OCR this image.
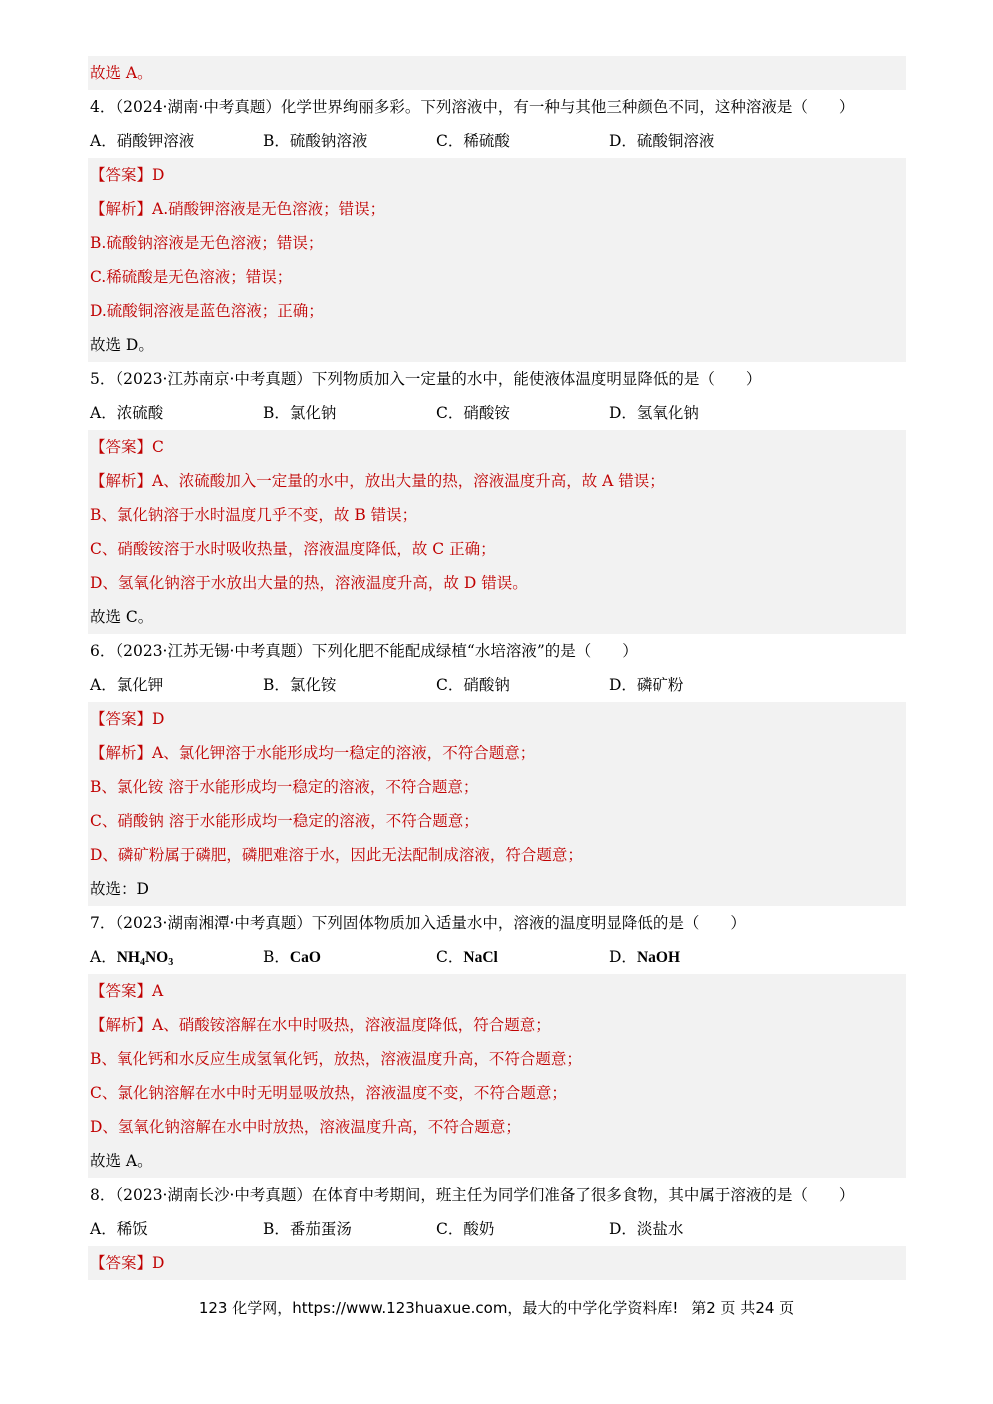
故选 A。
4．（2024·湖南·中考真题）化学世界绚丽多彩。下列溶液中，有一种与其他三种颜色不同，这种溶液是（　　）
A．硝酸钾溶液	B．硫酸钠溶液	C．稀硫酸	D．硫酸铜溶液
【答案】D
【解析】A.硝酸钾溶液是无色溶液；错误；
B.硫酸钠溶液是无色溶液；错误；
C.稀硫酸是无色溶液；错误；
D.硫酸铜溶液是蓝色溶液；正确；
故选 D。
5．（2023·江苏南京·中考真题）下列物质加入一定量的水中，能使液体温度明显降低的是（　　）
A．浓硫酸	B．氯化钠	C．硝酸铵	D．氢氧化钠
【答案】C
【解析】A、浓硫酸加入一定量的水中，放出大量的热，溶液温度升高，故 A 错误；
B、氯化钠溶于水时温度几乎不变，故 B 错误；
C、硝酸铵溶于水时吸收热量，溶液温度降低，故 C 正确；
D、氢氧化钠溶于水放出大量的热，溶液温度升高，故 D 错误。
故选 C。
6．（2023·江苏无锡·中考真题）下列化肥不能配成绿植“水培溶液”的是（　　）
A．氯化钾	B．氯化铵	C．硝酸钠	D．磷矿粉
【答案】D
【解析】A、氯化钾溶于水能形成均一稳定的溶液，不符合题意；
B、氯化铵 溶于水能形成均一稳定的溶液，不符合题意；
C、硝酸钠 溶于水能形成均一稳定的溶液，不符合题意；
D、磷矿粉属于磷肥，磷肥难溶于水，因此无法配制成溶液，符合题意；
故选：D
7．（2023·湖南湘潭·中考真题）下列固体物质加入适量水中，溶液的温度明显降低的是（　　）
A．$NH_4NO_3$	B．CaO	C．NaCl	D．NaOH
【答案】A
【解析】A、硝酸铵溶解在水中时吸热，溶液温度降低，符合题意；
B、氧化钙和水反应生成氢氧化钙，放热，溶液温度升高，不符合题意；
C、氯化钠溶解在水中时无明显吸放热，溶液温度不变，不符合题意；
D、氢氧化钠溶解在水中时放热，溶液温度升高，不符合题意；
故选 A。
8．（2023·湖南长沙·中考真题）在体育中考期间，班主任为同学们准备了很多食物，其中属于溶液的是（　　）
A．稀饭	B．番茄蛋汤	C．酸奶	D．淡盐水
【答案】D
123 化学网，https://www.123huaxue.com，最大的中学化学资料库! 第2 页 共24 页
